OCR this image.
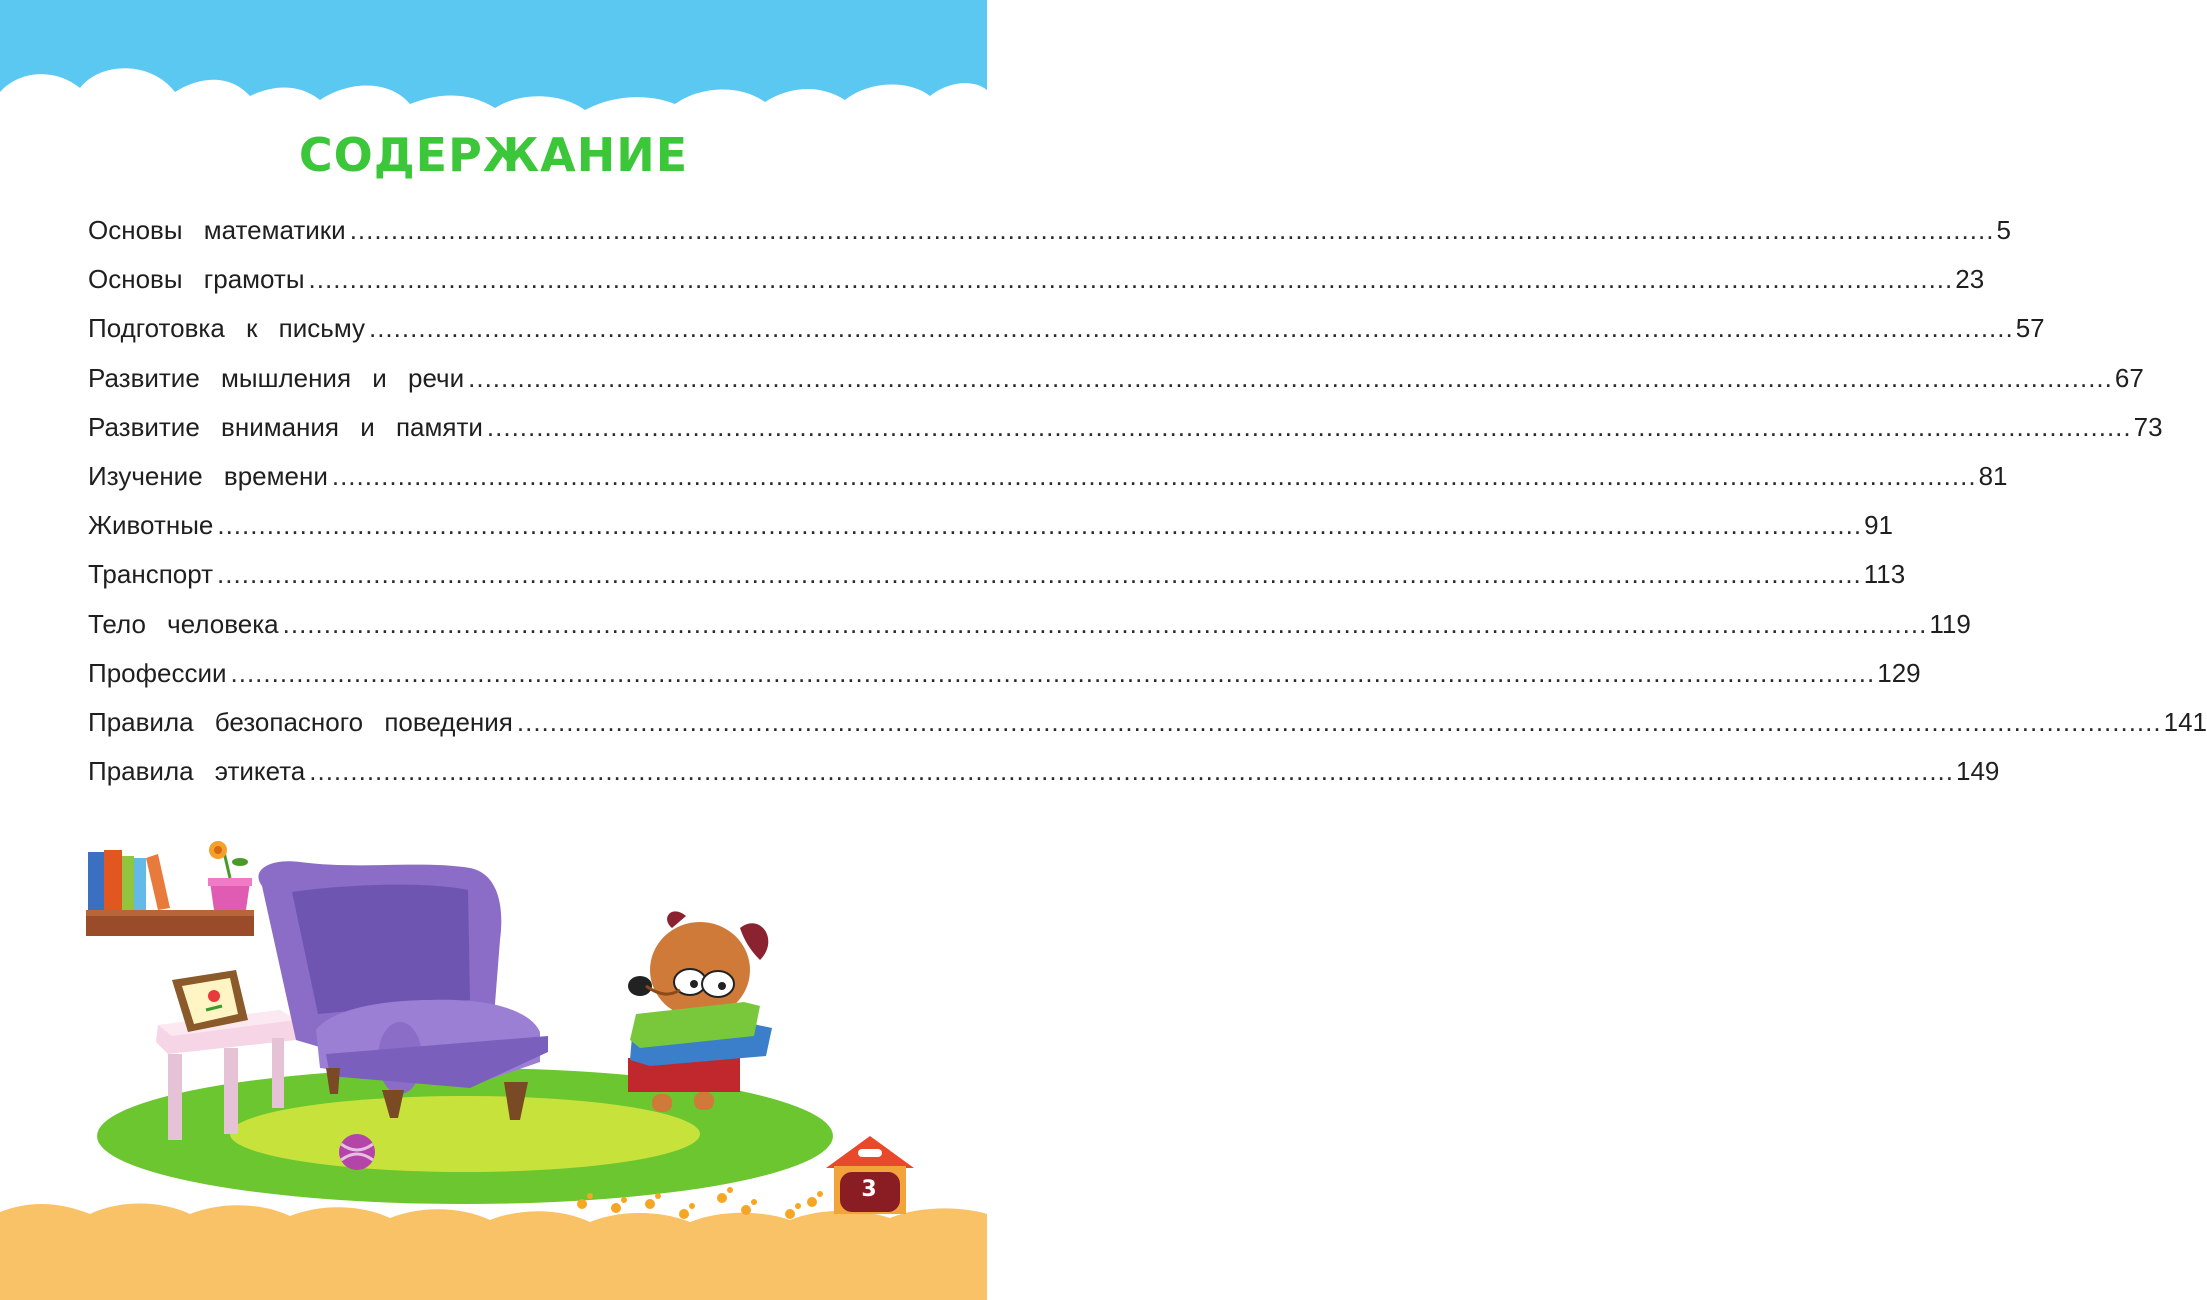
СОДЕРЖАНИЕ
Основы математики ........................................................................................................................................................................................................ 5
Основы грамоты ........................................................................................................................................................................................................ 23
Подготовка к письму ........................................................................................................................................................................................................ 57
Развитие мышления и речи ........................................................................................................................................................................................................ 67
Развитие внимания и памяти ........................................................................................................................................................................................................ 73
Изучение времени ........................................................................................................................................................................................................ 81
Животные ........................................................................................................................................................................................................ 91
Транспорт ........................................................................................................................................................................................................ 113
Тело человека ........................................................................................................................................................................................................ 119
Профессии ........................................................................................................................................................................................................ 129
Правила безопасного поведения ........................................................................................................................................................................................................ 141
Правила этикета ........................................................................................................................................................................................................ 149
3
